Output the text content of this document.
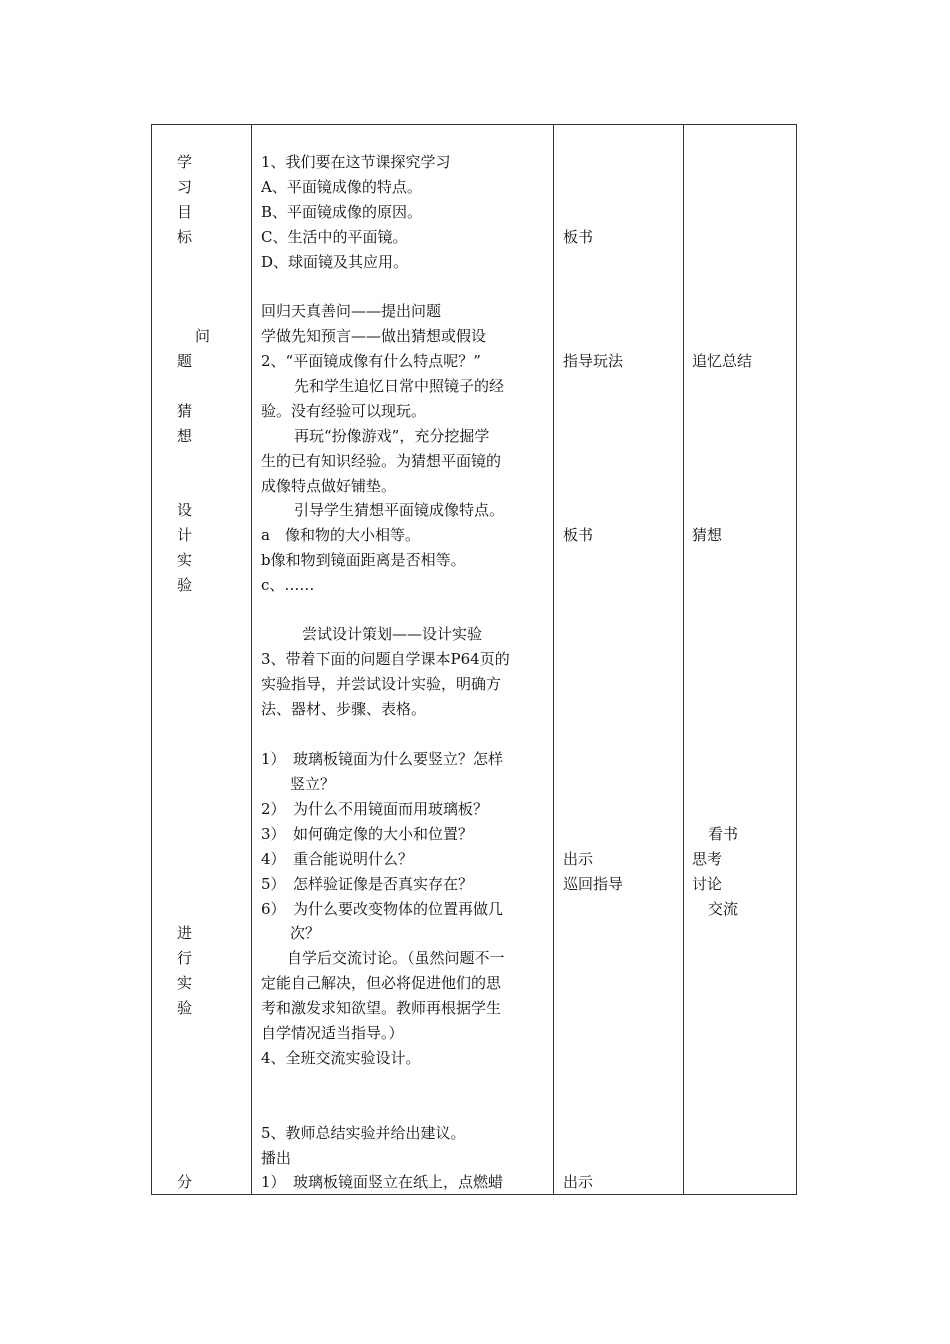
学
习
目
标
问
题
猜
想
设
计
实
验
进
行
实
验
分
1、我们要在这节课探究学习
A、平面镜成像的特点。
B、平面镜成像的原因。
C、生活中的平面镜。
D、球面镜及其应用。
回归天真善问——提出问题
学做先知预言——做出猜想或假设
2、“平面镜成像有什么特点呢？”
先和学生追忆日常中照镜子的经
验。没有经验可以现玩。
再玩“扮像游戏”，充分挖掘学
生的已有知识经验。为猜想平面镜的
成像特点做好铺垫。
引导学生猜想平面镜成像特点。
a　像和物的大小相等。
b像和物到镜面距离是否相等。
c、……
尝试设计策划——设计实验
3、带着下面的问题自学课本P64页的
实验指导，并尝试设计实验，明确方
法、器材、步骤、表格。
1）　玻璃板镜面为什么要竖立？怎样
竖立？
2）　为什么不用镜面而用玻璃板？
3）　如何确定像的大小和位置？
4）　重合能说明什么？
5）　怎样验证像是否真实存在？
6）　为什么要改变物体的位置再做几
次？
自学后交流讨论。（虽然问题不一
定能自己解决，但必将促进他们的思
考和激发求知欲望。教师再根据学生
自学情况适当指导。）
4、全班交流实验设计。
5、教师总结实验并给出建议。
播出
1）　玻璃板镜面竖立在纸上，点燃蜡
板书
指导玩法
板书
出示
巡回指导
出示
追忆总结
猜想
看书
思考
讨论
交流
